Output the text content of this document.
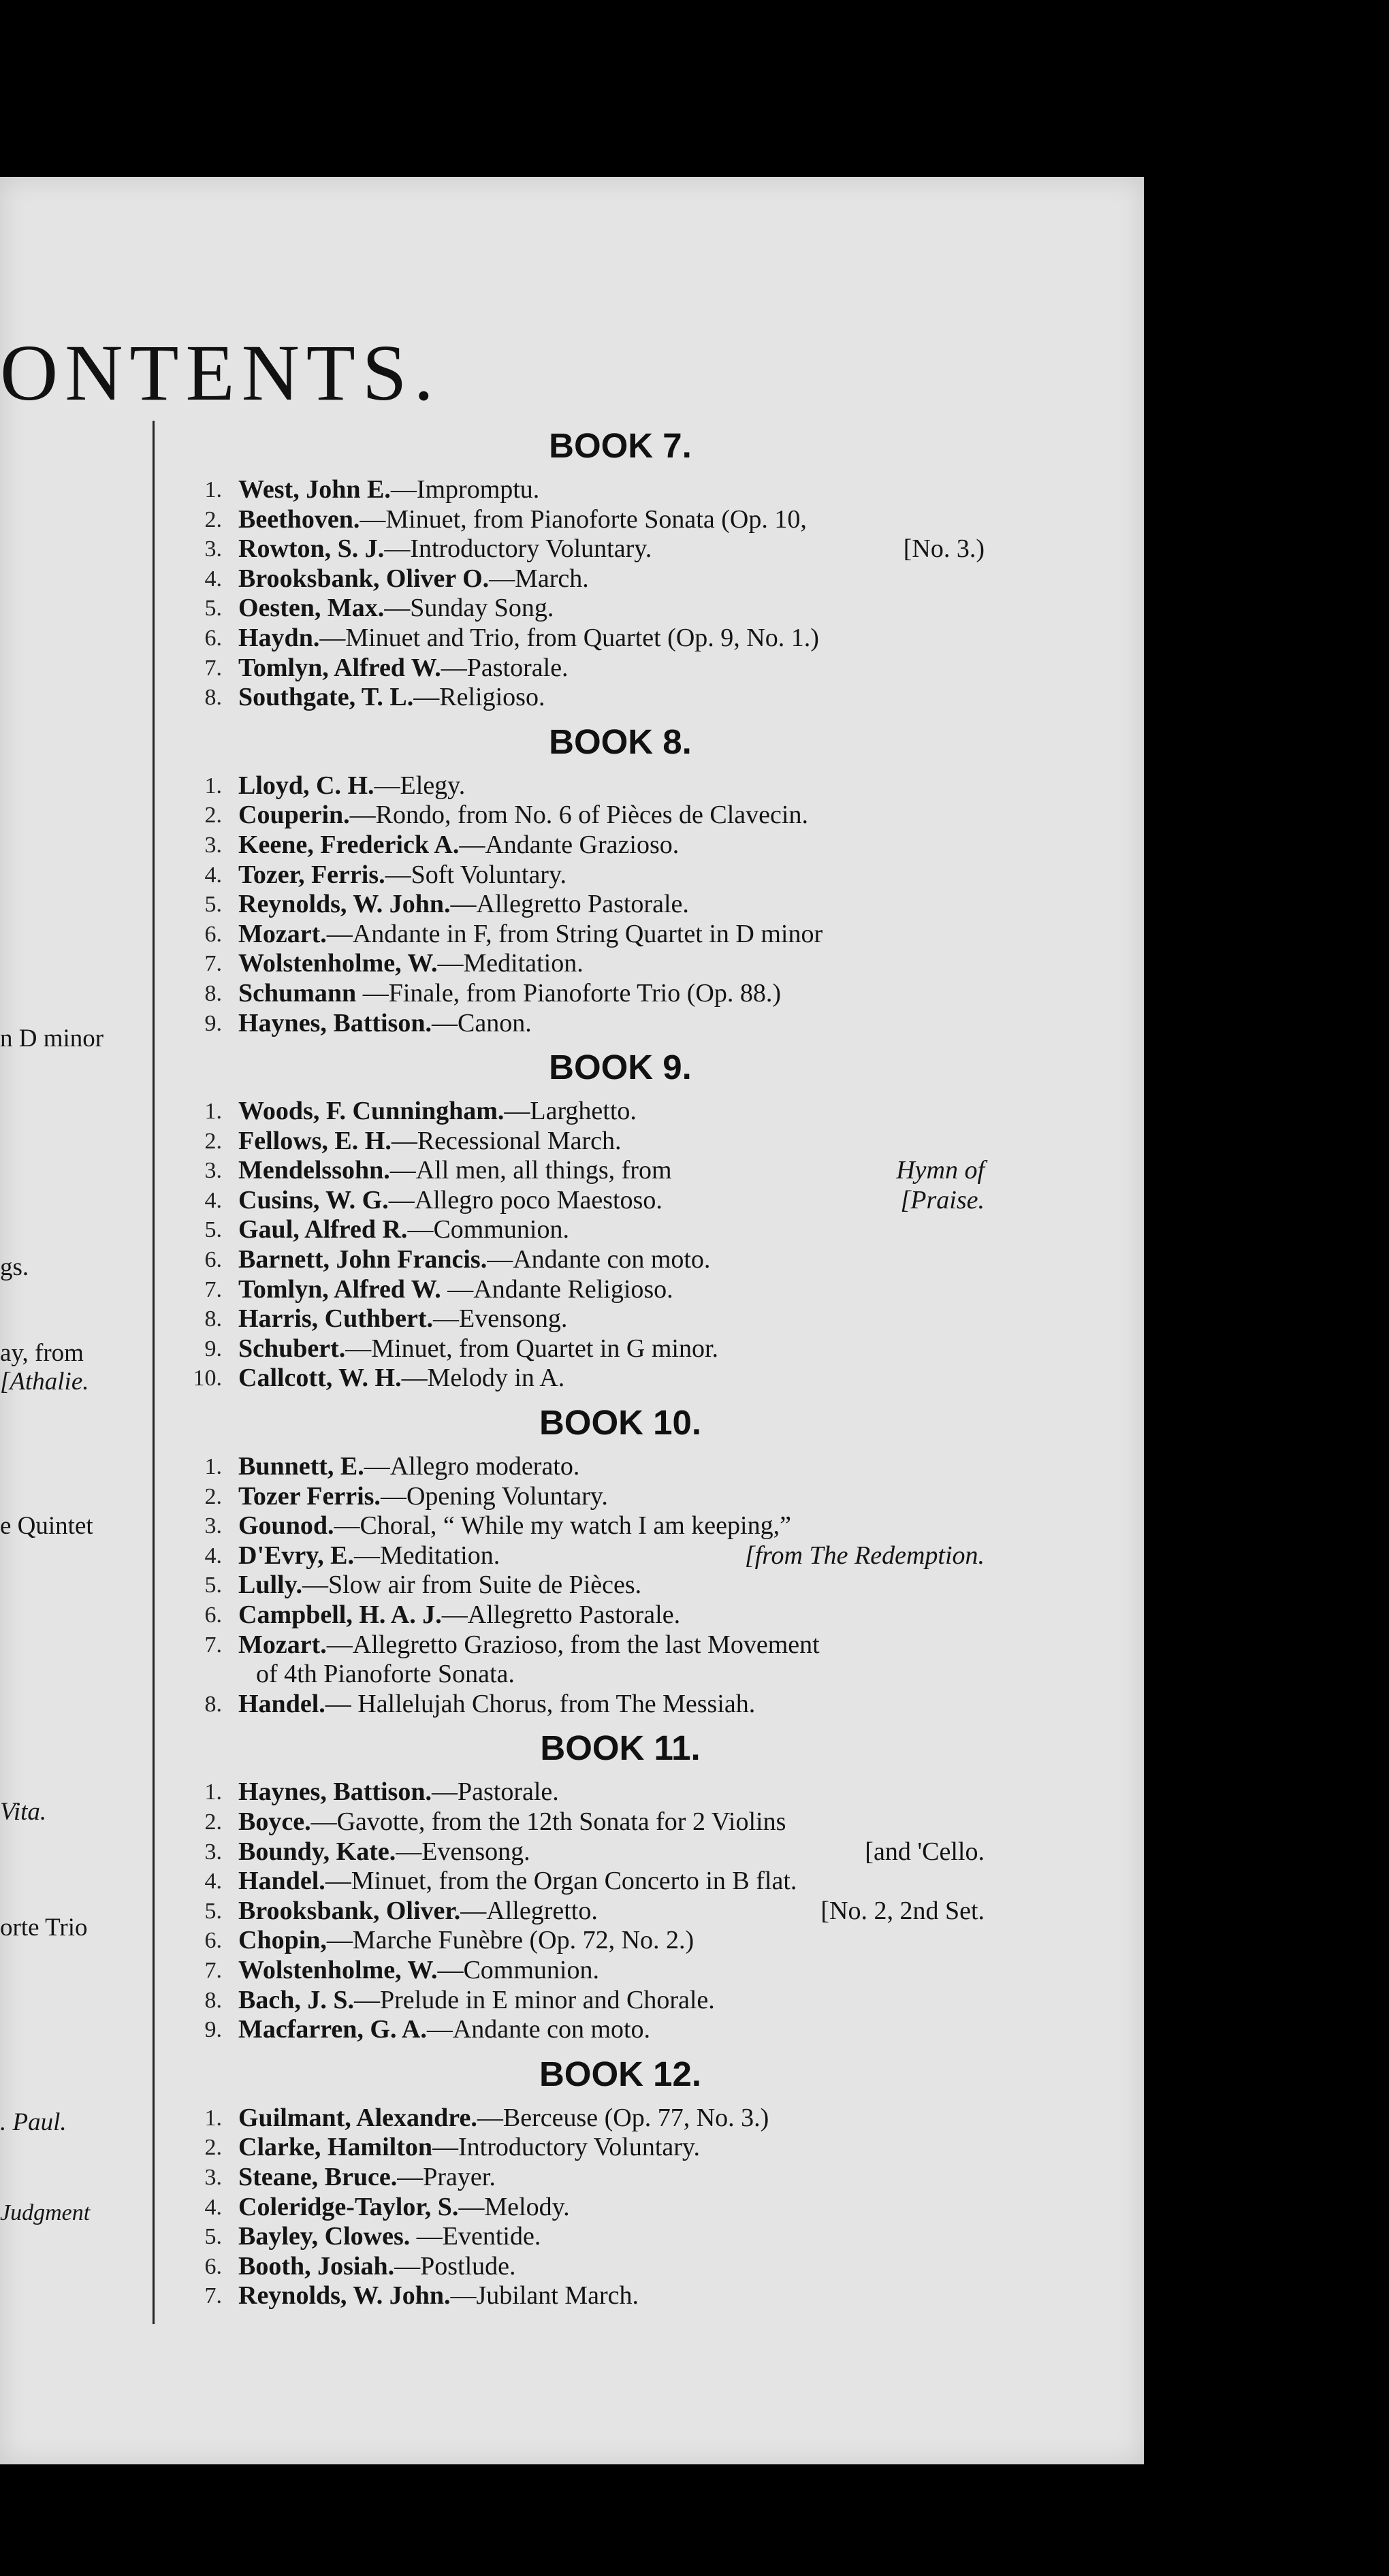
ONTENTS.
n D minor
gs.
ay, from
[Athalie.
e Quintet
Vita.
orte Trio
. Paul.
Judgment
BOOK 7.
1. West, John E.—Impromptu.
2. Beethoven.—Minuet, from Pianoforte Sonata (Op. 10,
3. Rowton, S. J.—Introductory Voluntary.	[No. 3.)
4. Brooksbank, Oliver O.—March.
5. Oesten, Max.—Sunday Song.
6. Haydn.—Minuet and Trio, from Quartet (Op. 9, No. 1.)
7. Tomlyn, Alfred W.—Pastorale.
8. Southgate, T. L.—Religioso.
BOOK 8.
1. Lloyd, C. H.—Elegy.
2. Couperin.—Rondo, from No. 6 of Pièces de Clavecin.
3. Keene, Frederick A.—Andante Grazioso.
4. Tozer, Ferris.—Soft Voluntary.
5. Reynolds, W. John.—Allegretto Pastorale.
6. Mozart.—Andante in F, from String Quartet in D minor
7. Wolstenholme, W.—Meditation.
8. Schumann —Finale, from Pianoforte Trio (Op. 88.)
9. Haynes, Battison.—Canon.
BOOK 9.
1. Woods, F. Cunningham.—Larghetto.
2. Fellows, E. H.—Recessional March.
3. Mendelssohn.—All men, all things, from	Hymn of
4. Cusins, W. G.—Allegro poco Maestoso.	[Praise.
5. Gaul, Alfred R.—Communion.
6. Barnett, John Francis.—Andante con moto.
7. Tomlyn, Alfred W. —Andante Religioso.
8. Harris, Cuthbert.—Evensong.
9. Schubert.—Minuet, from Quartet in G minor.
10. Callcott, W. H.—Melody in A.
BOOK 10.
1. Bunnett, E.—Allegro moderato.
2. Tozer Ferris.—Opening Voluntary.
3. Gounod.—Choral, “ While my watch I am keeping,”
4. D'Evry, E.—Meditation.	[from The Redemption.
5. Lully.—Slow air from Suite de Pièces.
6. Campbell, H. A. J.—Allegretto Pastorale.
7. Mozart.—Allegretto Grazioso, from the last Movement
of 4th Pianoforte Sonata.
8. Handel.— Hallelujah Chorus, from The Messiah.
BOOK 11.
1. Haynes, Battison.—Pastorale.
2. Boyce.—Gavotte, from the 12th Sonata for 2 Violins
3. Boundy, Kate.—Evensong.	[and 'Cello.
4. Handel.—Minuet, from the Organ Concerto in B flat.
5. Brooksbank, Oliver.—Allegretto.	[No. 2, 2nd Set.
6. Chopin,—Marche Funèbre (Op. 72, No. 2.)
7. Wolstenholme, W.—Communion.
8. Bach, J. S.—Prelude in E minor and Chorale.
9. Macfarren, G. A.—Andante con moto.
BOOK 12.
1. Guilmant, Alexandre.—Berceuse (Op. 77, No. 3.)
2. Clarke, Hamilton—Introductory Voluntary.
3. Steane, Bruce.—Prayer.
4. Coleridge-Taylor, S.—Melody.
5. Bayley, Clowes. —Eventide.
6. Booth, Josiah.—Postlude.
7. Reynolds, W. John.—Jubilant March.
